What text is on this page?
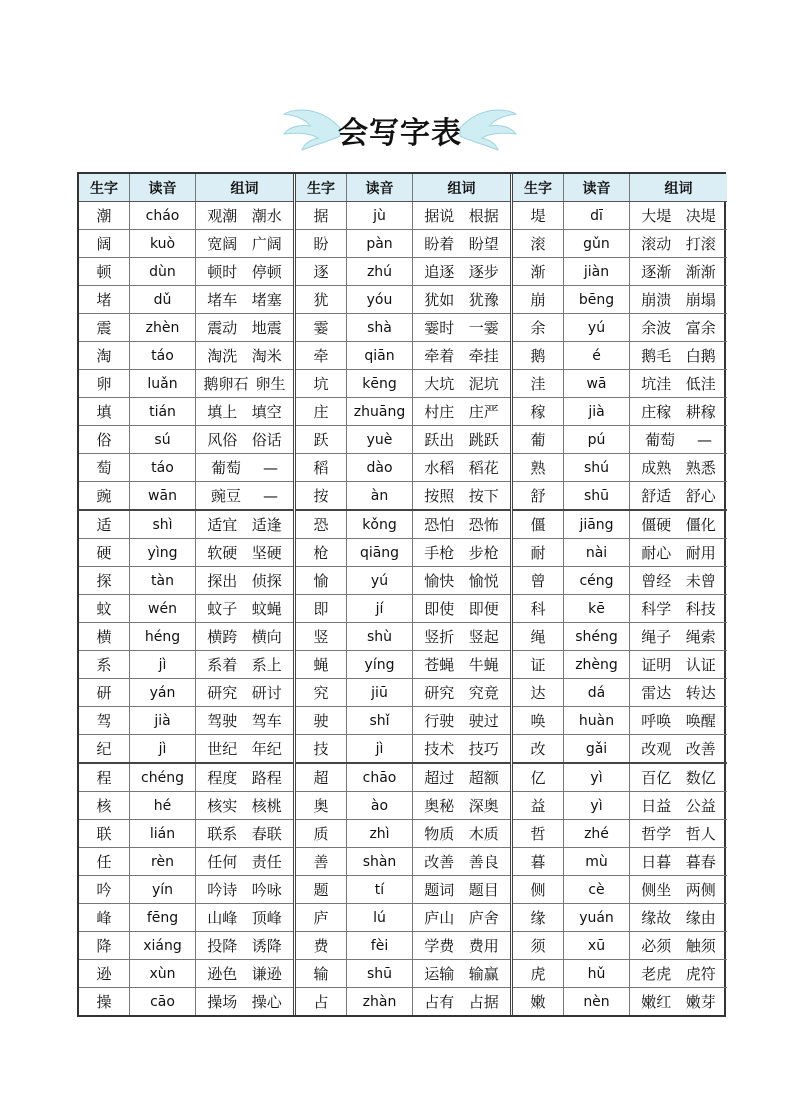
会写字表
生字	读音	组词
潮	cháo	观潮 潮水
阔	kuò	宽阔 广阔
顿	dùn	顿时 停顿
堵	dǔ	堵车 堵塞
震	zhèn	震动 地震
淘	táo	淘洗 淘米
卵	luǎn	鹅卵石 卵生
填	tián	填上 填空
俗	sú	风俗 俗话
萄	táo	葡萄 —
豌	wān	豌豆 —
适	shì	适宜 适逢
硬	yìng	软硬 坚硬
探	tàn	探出 侦探
蚊	wén	蚊子 蚊蝇
横	héng	横跨 横向
系	jì	系着 系上
研	yán	研究 研讨
驾	jià	驾驶 驾车
纪	jì	世纪 年纪
程	chéng	程度 路程
核	hé	核实 核桃
联	lián	联系 春联
任	rèn	任何 责任
吟	yín	吟诗 吟咏
峰	fēng	山峰 顶峰
降	xiáng	投降 诱降
逊	xùn	逊色 谦逊
操	cāo	操场 操心
生字	读音	组词
据	jù	据说 根据
盼	pàn	盼着 盼望
逐	zhú	追逐 逐步
犹	yóu	犹如 犹豫
霎	shà	霎时 一霎
牵	qiān	牵着 牵挂
坑	kēng	大坑 泥坑
庄	zhuāng	村庄 庄严
跃	yuè	跃出 跳跃
稻	dào	水稻 稻花
按	àn	按照 按下
恐	kǒng	恐怕 恐怖
枪	qiāng	手枪 步枪
愉	yú	愉快 愉悦
即	jí	即使 即便
竖	shù	竖折 竖起
蝇	yíng	苍蝇 牛蝇
究	jiū	研究 究竟
驶	shǐ	行驶 驶过
技	jì	技术 技巧
超	chāo	超过 超额
奥	ào	奥秘 深奥
质	zhì	物质 木质
善	shàn	改善 善良
题	tí	题词 题目
庐	lú	庐山 庐舍
费	fèi	学费 费用
输	shū	运输 输赢
占	zhàn	占有 占据
生字	读音	组词
堤	dī	大堤 决堤
滚	gǔn	滚动 打滚
渐	jiàn	逐渐 渐渐
崩	bēng	崩溃 崩塌
余	yú	余波 富余
鹅	é	鹅毛 白鹅
洼	wā	坑洼 低洼
稼	jià	庄稼 耕稼
葡	pú	葡萄 —
熟	shú	成熟 熟悉
舒	shū	舒适 舒心
僵	jiāng	僵硬 僵化
耐	nài	耐心 耐用
曾	céng	曾经 未曾
科	kē	科学 科技
绳	shéng	绳子 绳索
证	zhèng	证明 认证
达	dá	雷达 转达
唤	huàn	呼唤 唤醒
改	gǎi	改观 改善
亿	yì	百亿 数亿
益	yì	日益 公益
哲	zhé	哲学 哲人
暮	mù	日暮 暮春
侧	cè	侧坐 两侧
缘	yuán	缘故 缘由
须	xū	必须 触须
虎	hǔ	老虎 虎符
嫩	nèn	嫩红 嫩芽
